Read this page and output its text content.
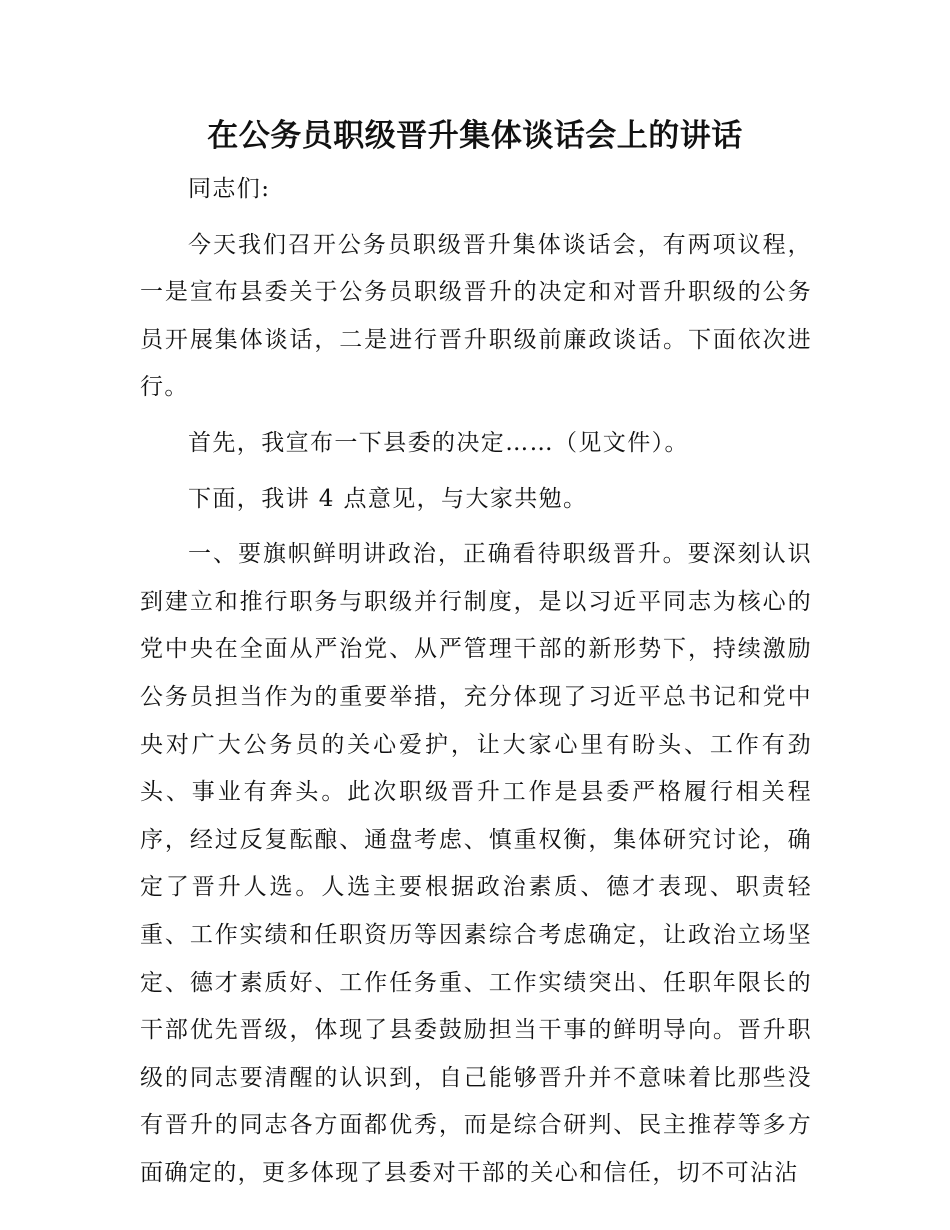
在公务员职级晋升集体谈话会上的讲话

同志们:

今天我们召开公务员职级晋升集体谈话会，有两项议程，一是宣布县委关于公务员职级晋升的决定和对晋升职级的公务员开展集体谈话，二是进行晋升职级前廉政谈话。下面依次进行。

首先，我宣布一下县委的决定……（见文件）。

下面，我讲 4 点意见，与大家共勉。

一、要旗帜鲜明讲政治，正确看待职级晋升。要深刻认识到建立和推行职务与职级并行制度，是以习近平同志为核心的党中央在全面从严治党、从严管理干部的新形势下，持续激励公务员担当作为的重要举措，充分体现了习近平总书记和党中央对广大公务员的关心爱护，让大家心里有盼头、工作有劲头、事业有奔头。此次职级晋升工作是县委严格履行相关程序，经过反复酝酿、通盘考虑、慎重权衡，集体研究讨论，确定了晋升人选。人选主要根据政治素质、德才表现、职责轻重、工作实绩和任职资历等因素综合考虑确定，让政治立场坚定、德才素质好、工作任务重、工作实绩突出、任职年限长的干部优先晋级，体现了县委鼓励担当干事的鲜明导向。晋升职级的同志要清醒的认识到，自己能够晋升并不意味着比那些没有晋升的同志各方面都优秀，而是综合研判、民主推荐等多方面确定的，更多体现了县委对干部的关心和信任，切不可沾沾
